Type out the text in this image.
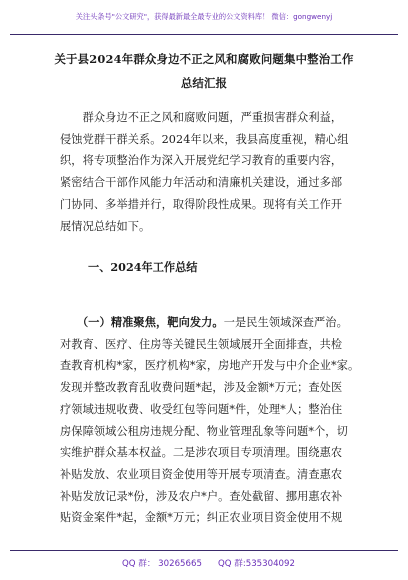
关注头条号"公文研究"，获得最新最全最专业的公文资料库！ 微信：gongwenyj
关于县2024年群众身边不正之风和腐败问题集中整治工作
总结汇报

　　群众身边不正之风和腐败问题，严重损害群众利益，

侵蚀党群干群关系。2024年以来，我县高度重视，精心组

织，将专项整治作为深入开展党纪学习教育的重要内容，

紧密结合干部作风能力年活动和清廉机关建设，通过多部

门协同、多举措并行，取得阶段性成果。现将有关工作开

展情况总结如下。

一、2024年工作总结

　　（一）精准聚焦，靶向发力。一是民生领域深查严治。

对教育、医疗、住房等关键民生领域展开全面排查，共检

查教育机构*家，医疗机构*家，房地产开发与中介企业*家。

发现并整改教育乱收费问题*起，涉及金额*万元；查处医

疗领域违规收费、收受红包等问题*件，处理*人；整治住

房保障领域公租房违规分配、物业管理乱象等问题*个，切

实维护群众基本权益。二是涉农项目专项清理。围绕惠农

补贴发放、农业项目资金使用等开展专项清查。清查惠农

补贴发放记录*份，涉及农户*户。查处截留、挪用惠农补

贴资金案件*起，金额*万元；纠正农业项目资金使用不规

QQ 群： 30265665 QQ 群:535304092
